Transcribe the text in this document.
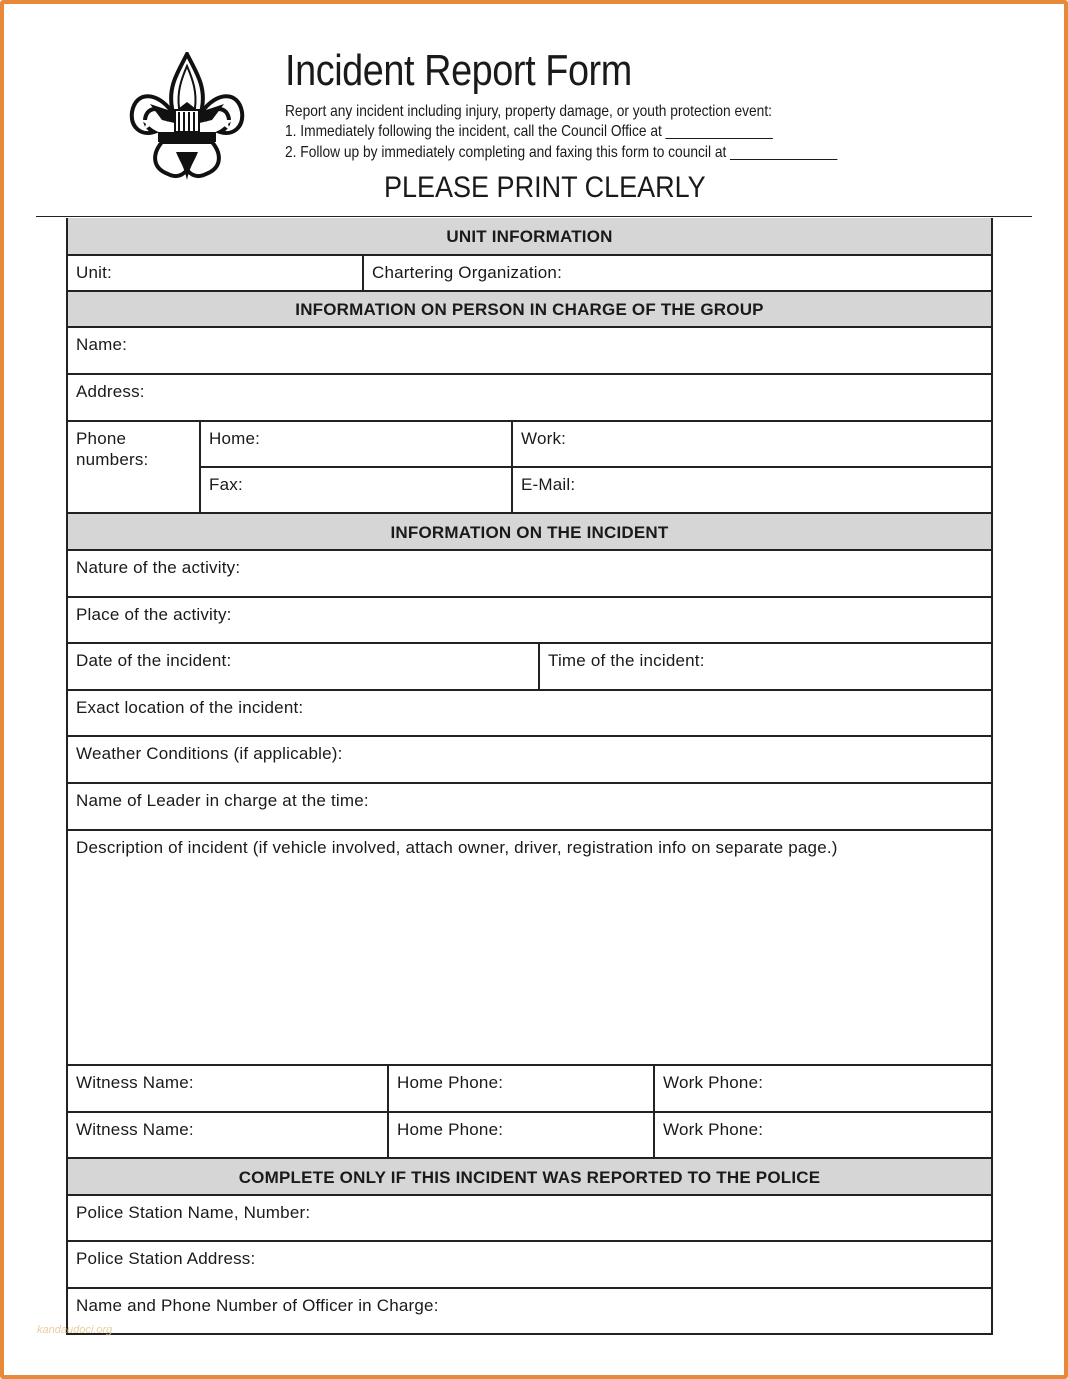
Incident Report Form
Report any incident including injury, property damage, or youth protection event:
1. Immediately following the incident, call the Council Office at ______________
2. Follow up by immediately completing and faxing this form to council at ______________
PLEASE PRINT CLEARLY
UNIT INFORMATION
Unit:	Chartering Organization:
INFORMATION ON PERSON IN CHARGE OF THE GROUP
Name:
Address:
Phone
numbers:
Home:	Work:
Fax:	E-Mail:
INFORMATION ON THE INCIDENT
Nature of the activity:
Place of the activity:
Date of the incident:	Time of the incident:
Exact location of the incident:
Weather Conditions (if applicable):
Name of Leader in charge at the time:
Description of incident (if vehicle involved, attach owner, driver, registration info on separate page.)
Witness Name:	Home Phone:	Work Phone:
Witness Name:	Home Phone:	Work Phone:
COMPLETE ONLY IF THIS INCIDENT WAS REPORTED TO THE POLICE
Police Station Name, Number:
Police Station Address:
Name and Phone Number of Officer in Charge:
kandaudoci.org
